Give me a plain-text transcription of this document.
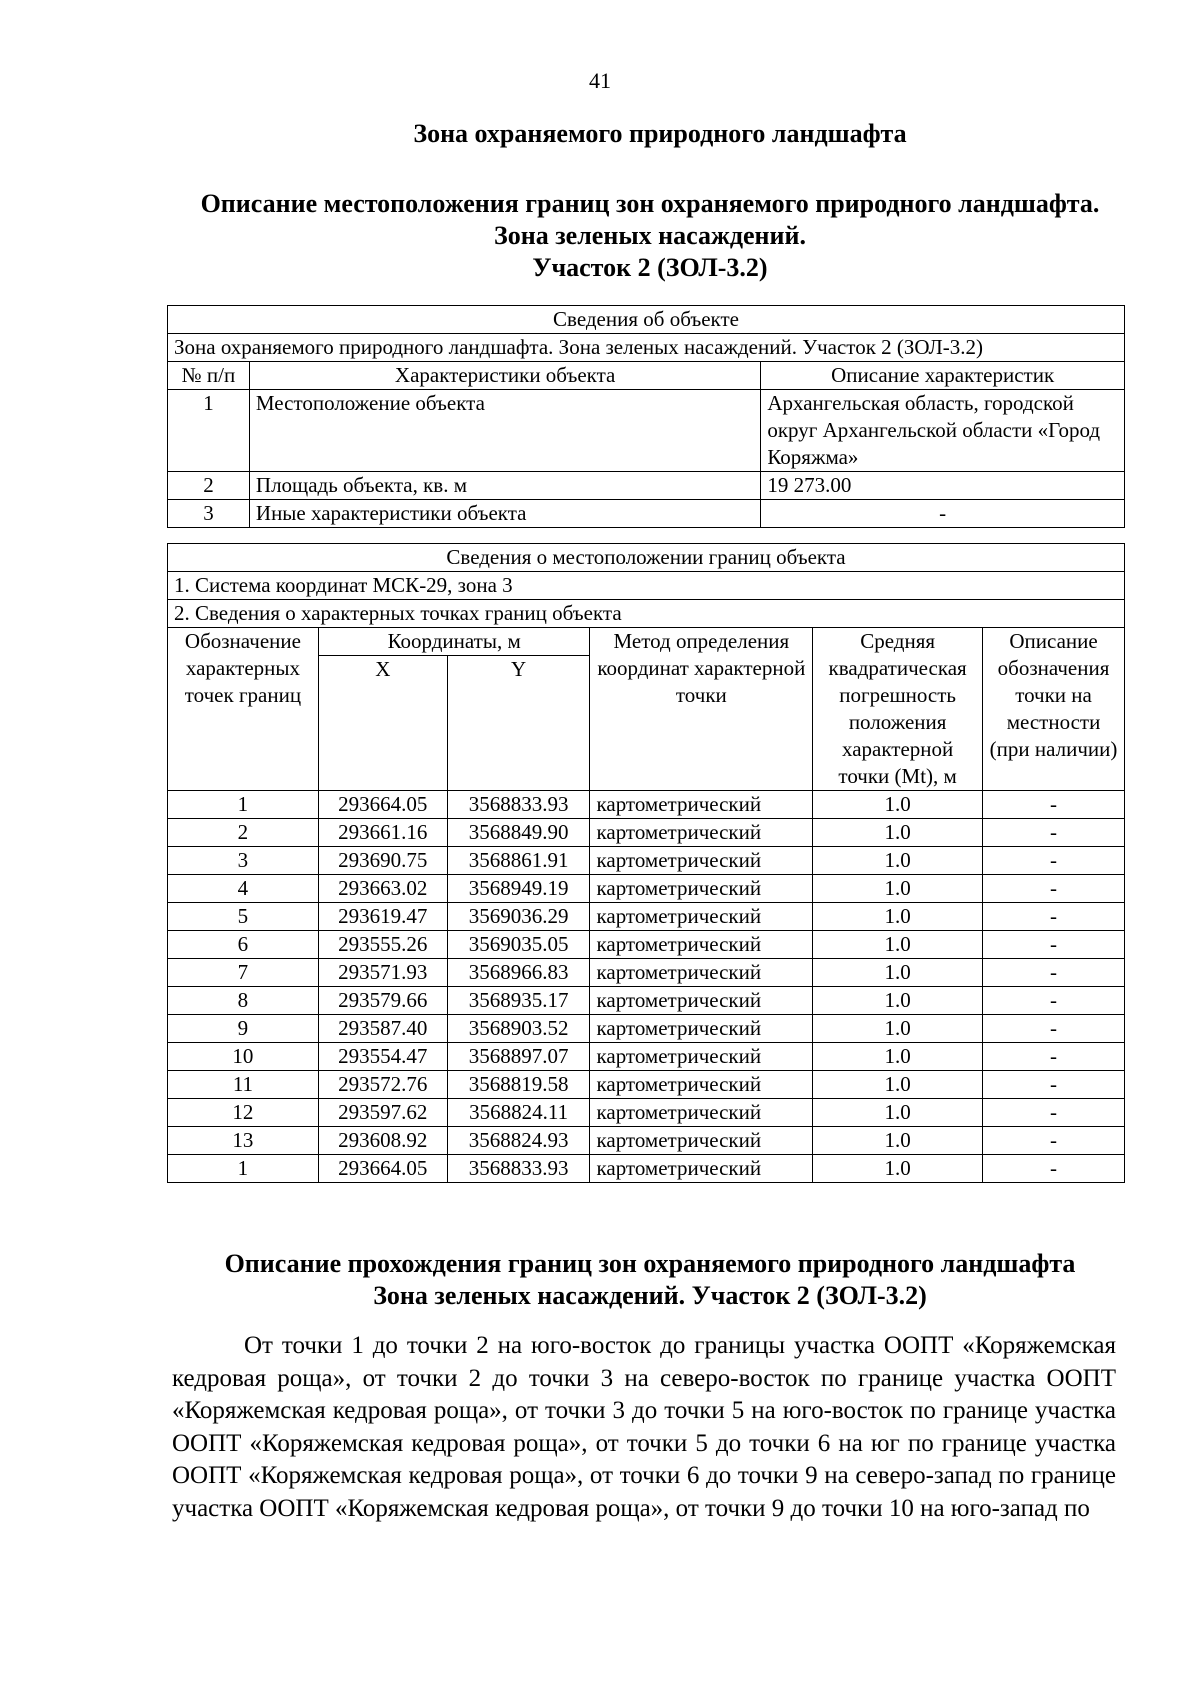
41
Зона охраняемого природного ландшафта
Описание местоположения границ зон охраняемого природного ландшафта.
Зона зеленых насаждений.
Участок 2 (ЗОЛ-3.2)
Сведения об объекте		
Зона охраняемого природного ландшафта. Зона зеленых насаждений. Участок 2 (ЗОЛ-3.2)		
№ п/п	Характеристики объекта	Описание характеристик
1	Местоположение объекта	Архангельская область, городской округ Архангельской области «Город Коряжма»
2	Площадь объекта, кв. м	19 273.00
3	Иные характеристики объекта	-
Сведения о местоположении границ объекта					
1. Система координат МСК-29, зона 3					
2. Сведения о характерных точках границ объекта					
Обозначение характерных точек границ	Координаты, м		Метод определения координат характерной точки	Средняя квадратическая погрешность положения характерной точки (Mt), м	Описание обозначения точки на местности (при наличии)
	X	Y			
1	293664.05	3568833.93	картометрический	1.0	-
2	293661.16	3568849.90	картометрический	1.0	-
3	293690.75	3568861.91	картометрический	1.0	-
4	293663.02	3568949.19	картометрический	1.0	-
5	293619.47	3569036.29	картометрический	1.0	-
6	293555.26	3569035.05	картометрический	1.0	-
7	293571.93	3568966.83	картометрический	1.0	-
8	293579.66	3568935.17	картометрический	1.0	-
9	293587.40	3568903.52	картометрический	1.0	-
10	293554.47	3568897.07	картометрический	1.0	-
11	293572.76	3568819.58	картометрический	1.0	-
12	293597.62	3568824.11	картометрический	1.0	-
13	293608.92	3568824.93	картометрический	1.0	-
1	293664.05	3568833.93	картометрический	1.0	-
Описание прохождения границ зон охраняемого природного ландшафта
Зона зеленых насаждений. Участок 2 (ЗОЛ-3.2)
От точки 1 до точки 2 на юго-восток до границы участка ООПТ «Коряжемская кедровая роща», от точки 2 до точки 3 на северо-восток по границе участка ООПТ «Коряжемская кедровая роща», от точки 3 до точки 5 на юго-восток по границе участка ООПТ «Коряжемская кедровая роща», от точки 5 до точки 6 на юг по границе участка ООПТ «Коряжемская кедровая роща», от точки 6 до точки 9 на северо-запад по границе участка ООПТ «Коряжемская кедровая роща», от точки 9 до точки 10 на юго-запад по
